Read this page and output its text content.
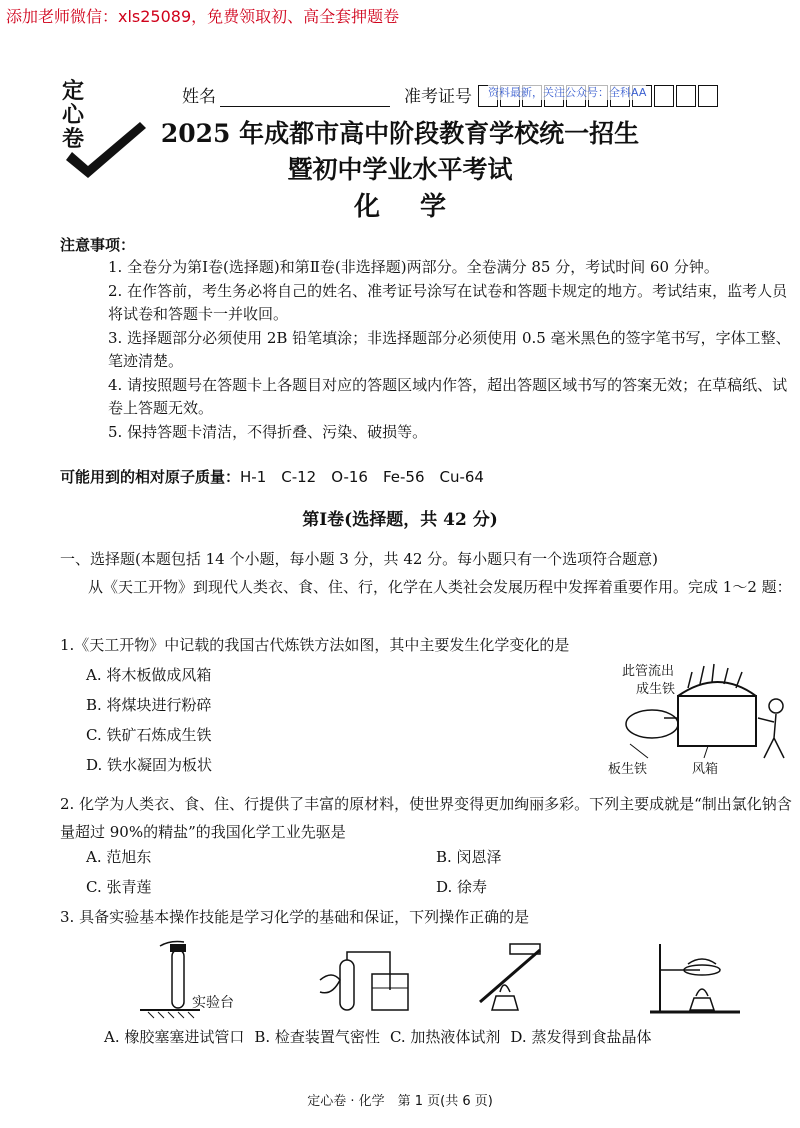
添加老师微信：xls25089，免费领取初、高全套押题卷
定
心
卷
姓名	准考证号 资料最新，关注公众号：全科AA
2025 年成都市高中阶段教育学校统一招生
暨初中学业水平考试
化学
注意事项：

1. 全卷分为第Ⅰ卷(选择题)和第Ⅱ卷(非选择题)两部分。全卷满分 85 分，考试时间 60 分钟。

2. 在作答前，考生务必将自己的姓名、准考证号涂写在试卷和答题卡规定的地方。考试结束，监考人员将试卷和答题卡一并收回。

3. 选择题部分必须使用 2B 铅笔填涂；非选择题部分必须使用 0.5 毫米黑色的签字笔书写，字体工整、笔迹清楚。

4. 请按照题号在答题卡上各题目对应的答题区域内作答，超出答题区域书写的答案无效；在草稿纸、试卷上答题无效。

5. 保持答题卡清洁，不得折叠、污染、破损等。

可能用到的相对原子质量：H-1　C-12　O-16　Fe-56　Cu-64
第Ⅰ卷(选择题，共 42 分)
一、选择题(本题包括 14 个小题，每小题 3 分，共 42 分。每小题只有一个选项符合题意)
从《天工开物》到现代人类衣、食、住、行，化学在人类社会发展历程中发挥着重要作用。完成 1～2 题：
1.《天工开物》中记载的我国古代炼铁方法如图，其中主要发生化学变化的是
A. 将木板做成风箱
B. 将煤块进行粉碎
C. 铁矿石炼成生铁
D. 铁水凝固为板状
此管流出
成生铁
板生铁	风箱
2. 化学为人类衣、食、住、行提供了丰富的原材料，使世界变得更加绚丽多彩。下列主要成就是“制出氯化钠含量超过 90%的精盐”的我国化学工业先驱是
A. 范旭东	B. 闵恩泽
C. 张青莲	D. 徐寿
3. 具备实验基本操作技能是学习化学的基础和保证，下列操作正确的是
实验台
A. 橡胶塞塞进试管口 B. 检查装置气密性 C. 加热液体试剂 D. 蒸发得到食盐晶体
定心卷 · 化学　第 1 页(共 6 页)
